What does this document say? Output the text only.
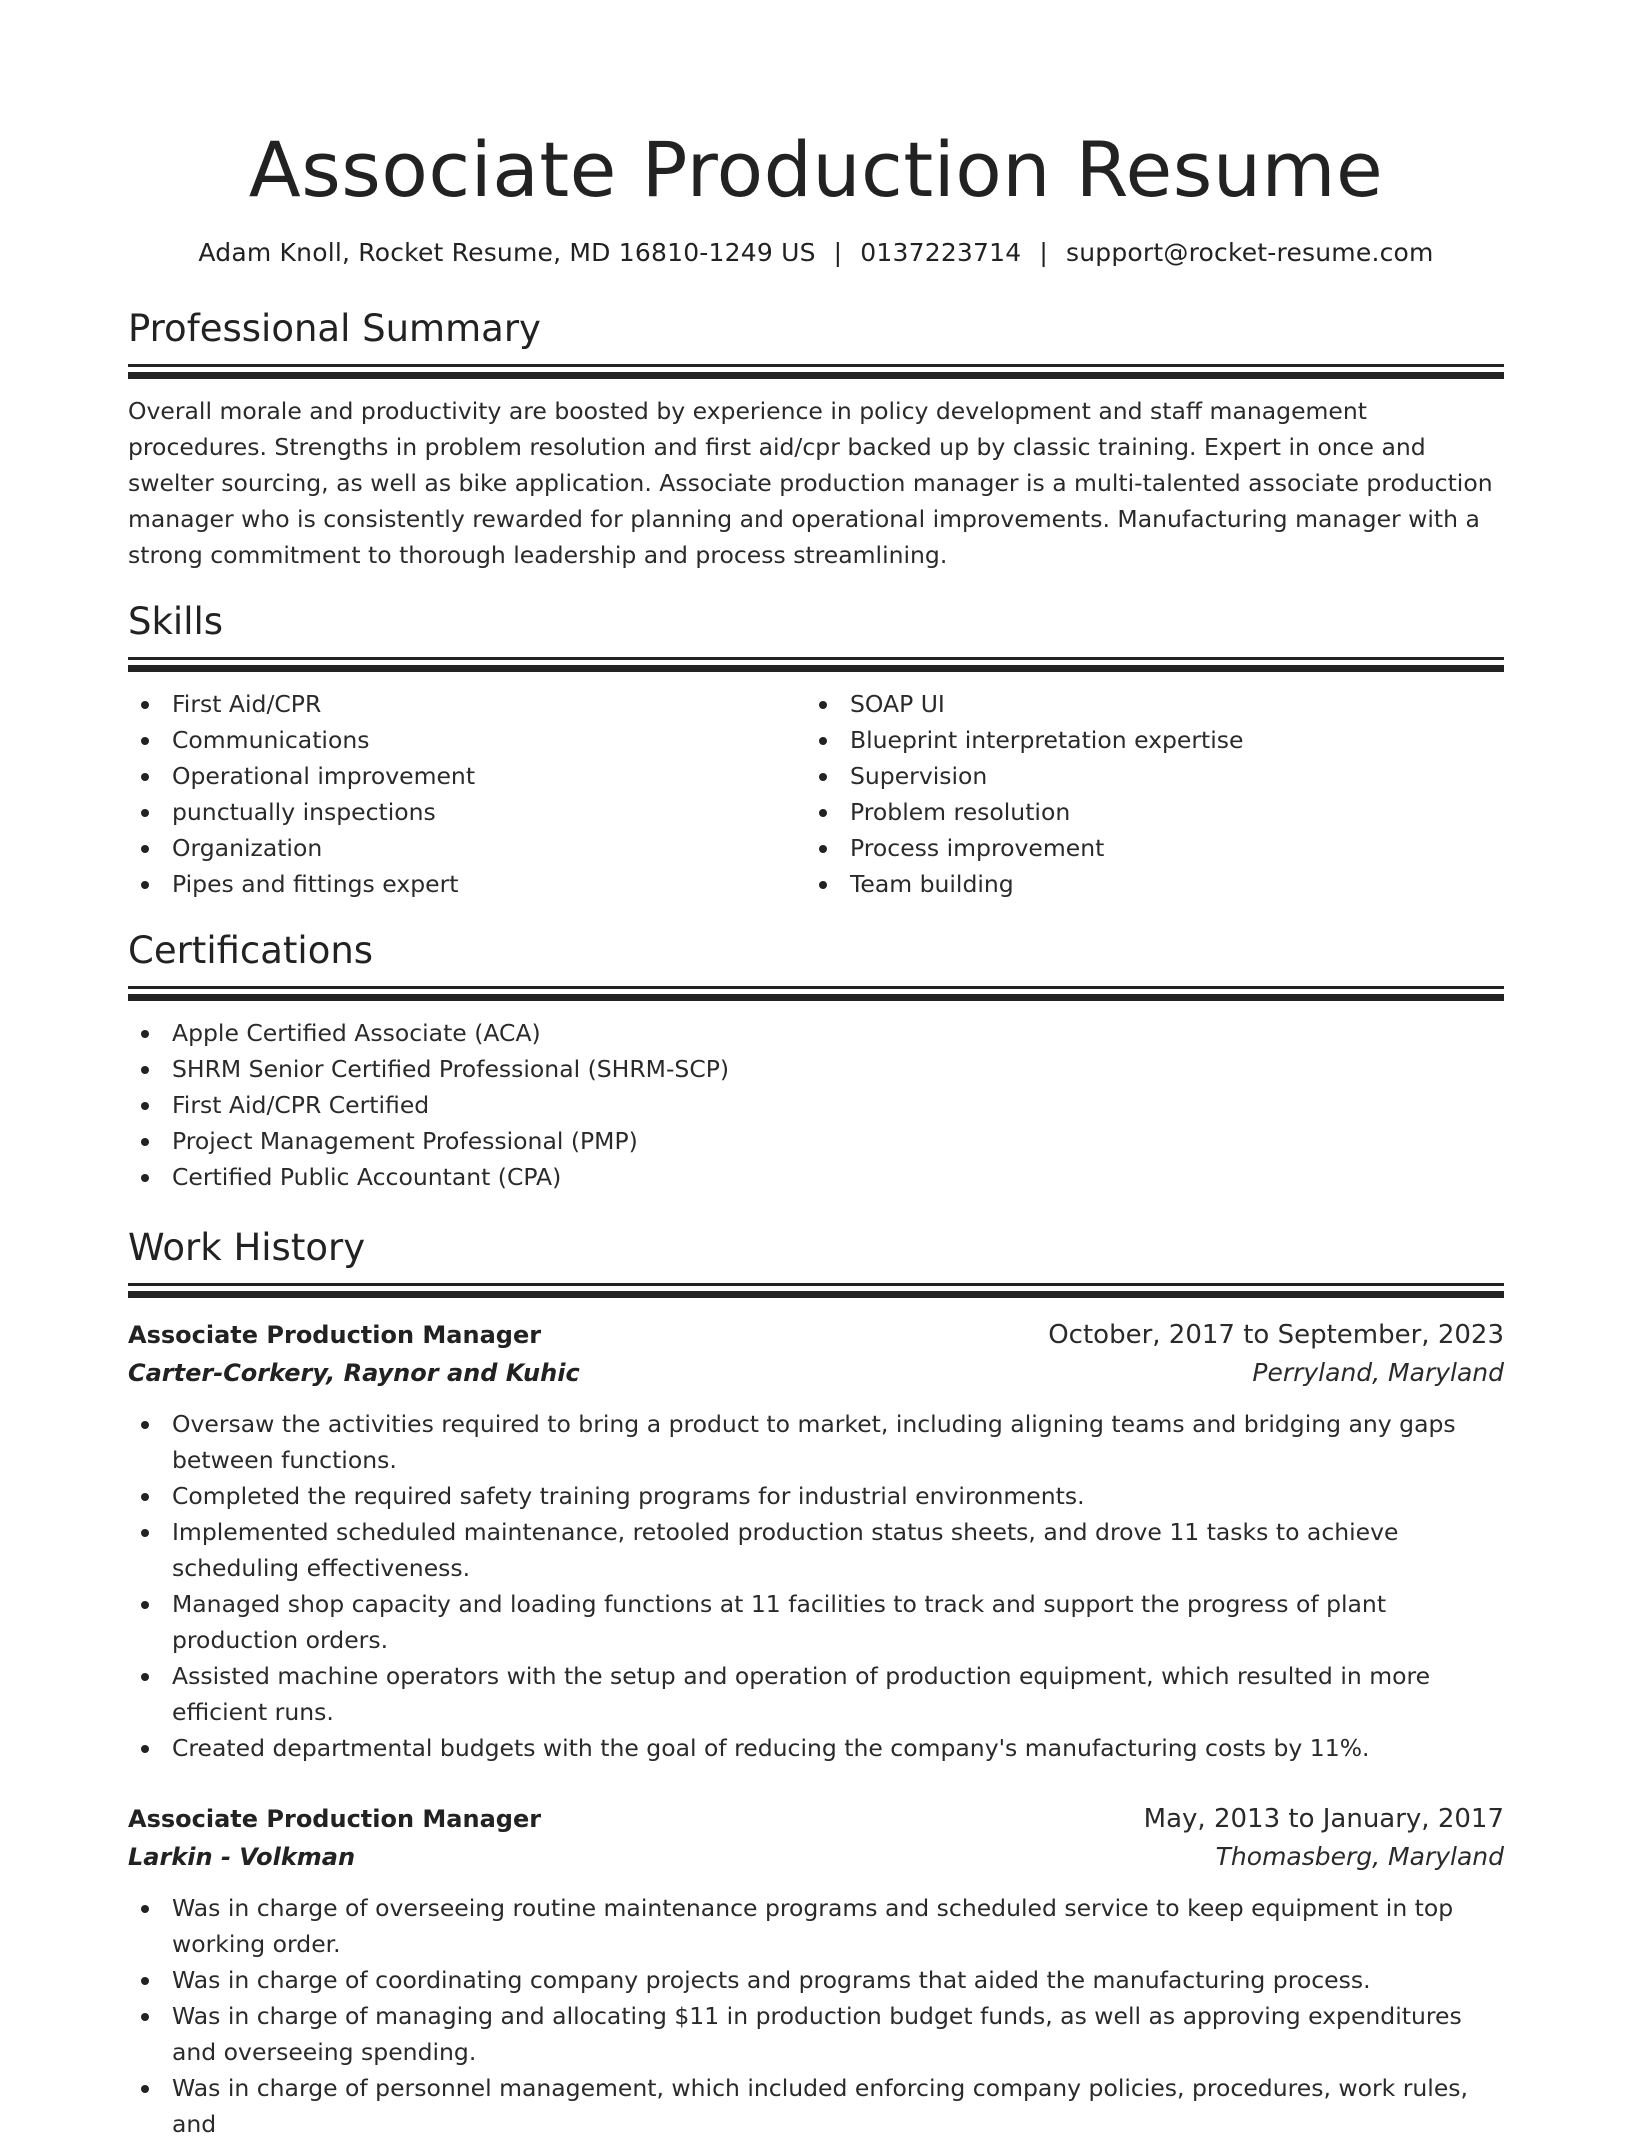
Associate Production Resume
Adam Knoll, Rocket Resume, MD 16810-1249 US | 0137223714 | support@rocket-resume.com
Professional Summary

Overall morale and productivity are boosted by experience in policy development and staff management procedures. Strengths in problem resolution and first aid/cpr backed up by classic training. Expert in once and swelter sourcing, as well as bike application. Associate production manager is a multi-talented associate production manager who is consistently rewarded for planning and operational improvements. Manufacturing manager with a strong commitment to thorough leadership and process streamlining.

Skills
First Aid/CPR
Communications
Operational improvement
punctually inspections
Organization
Pipes and fittings expert
SOAP UI
Blueprint interpretation expertise
Supervision
Problem resolution
Process improvement
Team building
Certifications
Apple Certified Associate (ACA)
SHRM Senior Certified Professional (SHRM-SCP)
First Aid/CPR Certified
Project Management Professional (PMP)
Certified Public Accountant (CPA)
Work History
Associate Production Manager	October, 2017 to September, 2023
Carter-Corkery, Raynor and Kuhic	Perryland, Maryland
Oversaw the activities required to bring a product to market, including aligning teams and bridging any gaps between functions.
Completed the required safety training programs for industrial environments.
Implemented scheduled maintenance, retooled production status sheets, and drove 11 tasks to achieve scheduling effectiveness.
Managed shop capacity and loading functions at 11 facilities to track and support the progress of plant production orders.
Assisted machine operators with the setup and operation of production equipment, which resulted in more efficient runs.
Created departmental budgets with the goal of reducing the company's manufacturing costs by 11%.
Associate Production Manager	May, 2013 to January, 2017
Larkin - Volkman	Thomasberg, Maryland
Was in charge of overseeing routine maintenance programs and scheduled service to keep equipment in top working order.
Was in charge of coordinating company projects and programs that aided the manufacturing process.
Was in charge of managing and allocating $11 in production budget funds, as well as approving expenditures and overseeing spending.
Was in charge of personnel management, which included enforcing company policies, procedures, work rules, and
